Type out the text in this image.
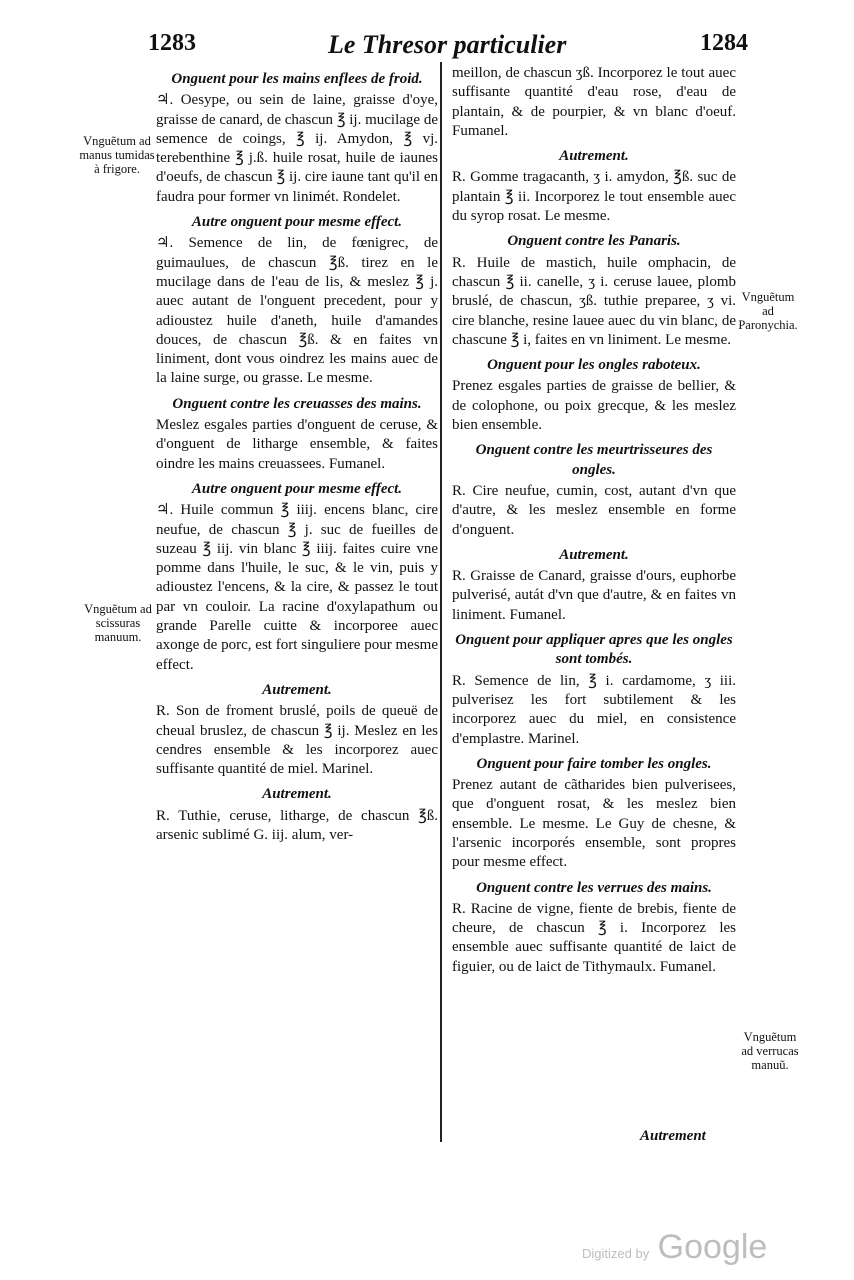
1283	Le Thresor particulier	1284
Onguent pour les mains enflees de froid.

♃. Oesype, ou sein de laine, graisse d'oye, graisse de canard, de chascun ℥ ij. mucilage de semence de coings, ℥ ij. Amydon, ℥ vj. terebenthine ℥ j.ß. huile rosat, huile de iaunes d'oeufs, de chascun ℥ ij. cire iaune tant qu'il en faudra pour former vn linimét. Rondelet.

Autre onguent pour mesme effect.

♃. Semence de lin, de fœnigrec, de guimaulues, de chascun ℥ß. tirez en le mucilage dans de l'eau de lis, & meslez ℥ j. auec autant de l'onguent precedent, pour y adioustez huile d'aneth, huile d'amandes douces, de chascun ℥ß. & en faites vn liniment, dont vous oindrez les mains auec de la laine surge, ou grasse. Le mesme.

Onguent contre les creuasses des mains.

Meslez esgales parties d'onguent de ceruse, & d'onguent de litharge ensemble, & faites oindre les mains creuassees. Fumanel.

Autre onguent pour mesme effect.

♃. Huile commun ℥ iiij. encens blanc, cire neufue, de chascun ℥ j. suc de fueilles de suzeau ℥ iij. vin blanc ℥ iiij. faites cuire vne pomme dans l'huile, le suc, & le vin, puis y adioustez l'encens, & la cire, & passez le tout par vn couloir. La racine d'oxylapathum ou grande Parelle cuitte & incorporee auec axonge de porc, est fort singuliere pour mesme effect.

Autrement.

R. Son de froment bruslé, poils de queuë de cheual bruslez, de chascun ℥ ij. Meslez en les cendres ensemble & les incorporez auec suffisante quantité de miel. Marinel.

Autrement.

R. Tuthie, ceruse, litharge, de chascun ℥ß. arsenic sublimé G. iij. alum, ver-

meillon, de chascun ʒß. Incorporez le tout auec suffisante quantité d'eau rose, d'eau de plantain, & de pourpier, & vn blanc d'oeuf. Fumanel.

Autrement.

R. Gomme tragacanth, ʒ i. amydon, ℥ß. suc de plantain ℥ ii. Incorporez le tout ensemble auec du syrop rosat. Le mesme.

Onguent contre les Panaris.

R. Huile de mastich, huile omphacin, de chascun ℥ ii. canelle, ʒ i. ceruse lauee, plomb bruslé, de chascun, ʒß. tuthie preparee, ʒ vi. cire blanche, resine lauee auec du vin blanc, de chascune ℥ i, faites en vn liniment. Le mesme.

Onguent pour les ongles raboteux.

Prenez esgales parties de graisse de bellier, & de colophone, ou poix grecque, & les meslez bien ensemble.

Onguent contre les meurtrisseures des ongles.

R. Cire neufue, cumin, cost, autant d'vn que d'autre, & les meslez ensemble en forme d'onguent.

Autrement.

R. Graisse de Canard, graisse d'ours, euphorbe pulverisé, autát d'vn que d'autre, & en faites vn liniment. Fumanel.

Onguent pour appliquer apres que les ongles sont tombés.

R. Semence de lin, ℥ i. cardamome, ʒ iii. pulverisez les fort subtilement & les incorporez auec du miel, en consistence d'emplastre. Marinel.

Onguent pour faire tomber les ongles.

Prenez autant de cãtharides bien pulverisees, que d'onguent rosat, & les meslez bien ensemble. Le mesme. Le Guy de chesne, & l'arsenic incorporés ensemble, sont propres pour mesme effect.

Onguent contre les verrues des mains.

R. Racine de vigne, fiente de brebis, fiente de cheure, de chascun ℥ i. Incorporez les ensemble auec suffisante quantité de laict de figuier, ou de laict de Tithymaulx. Fumanel.

Vnguẽtum ad manus tumidas à frigore.
Vnguẽtum ad scissuras manuum.
Vnguẽtum ad Paronychia.
Vnguẽtum ad verrucas manuũ.
Autrement
Digitized by Google
